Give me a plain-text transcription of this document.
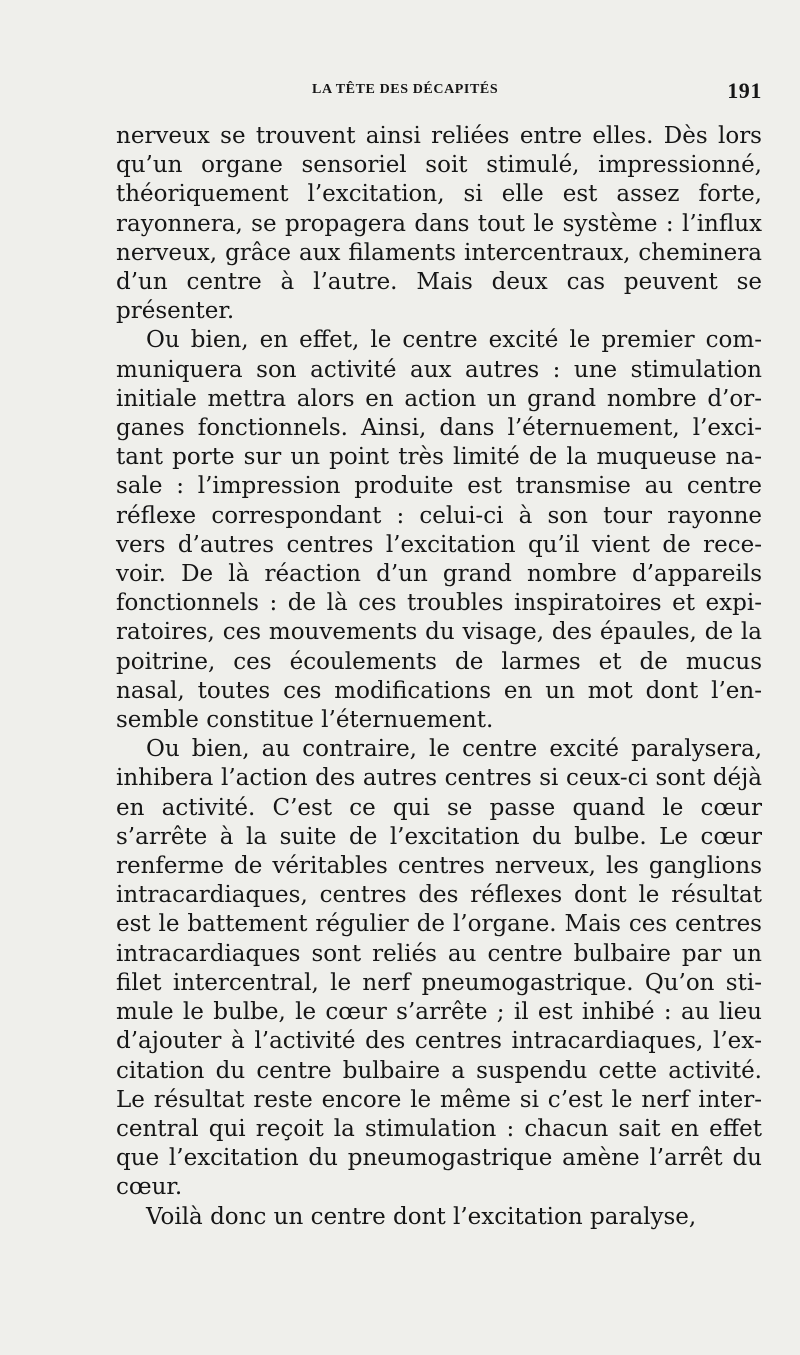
LA TÊTE DES DÉCAPITÉS	191

nerveux se trouvent ainsi reliées entre elles. Dès lors qu’un organe sensoriel soit stimulé, impressionné, théoriquement l’excitation, si elle est assez forte, rayonnera, se propagera dans tout le système : l’influx nerveux, grâce aux filaments intercentraux, cheminera d’un centre à l’autre. Mais deux cas peuvent se présenter.

Ou bien, en effet, le centre excité le premier communiquera son activité aux autres : une stimulation initiale mettra alors en action un grand nombre d’organes fonctionnels. Ainsi, dans l’éternuement, l’excitant porte sur un point très limité de la muqueuse nasale : l’impression produite est transmise au centre réflexe correspondant : celui-ci à son tour rayonne vers d’autres centres l’excitation qu’il vient de recevoir. De là réaction d’un grand nombre d’appareils fonctionnels : de là ces troubles inspiratoires et expiratoires, ces mouvements du visage, des épaules, de la poitrine, ces écoulements de larmes et de mucus nasal, toutes ces modifications en un mot dont l’ensemble constitue l’éternuement.

Ou bien, au contraire, le centre excité paralysera, inhibera l’action des autres centres si ceux-ci sont déjà en activité. C’est ce qui se passe quand le cœur s’arrête à la suite de l’excitation du bulbe. Le cœur renferme de véritables centres nerveux, les ganglions intracardiaques, centres des réflexes dont le résultat est le battement régulier de l’organe. Mais ces centres intracardiaques sont reliés au centre bulbaire par un filet intercentral, le nerf pneumogastrique. Qu’on stimule le bulbe, le cœur s’arrête ; il est inhibé : au lieu d’ajouter à l’activité des centres intracardiaques, l’excitation du centre bulbaire a suspendu cette activité. Le résultat reste encore le même si c’est le nerf intercentral qui reçoit la stimulation : chacun sait en effet que l’excitation du pneumogastrique amène l’arrêt du cœur.

Voilà donc un centre dont l’excitation paralyse,
